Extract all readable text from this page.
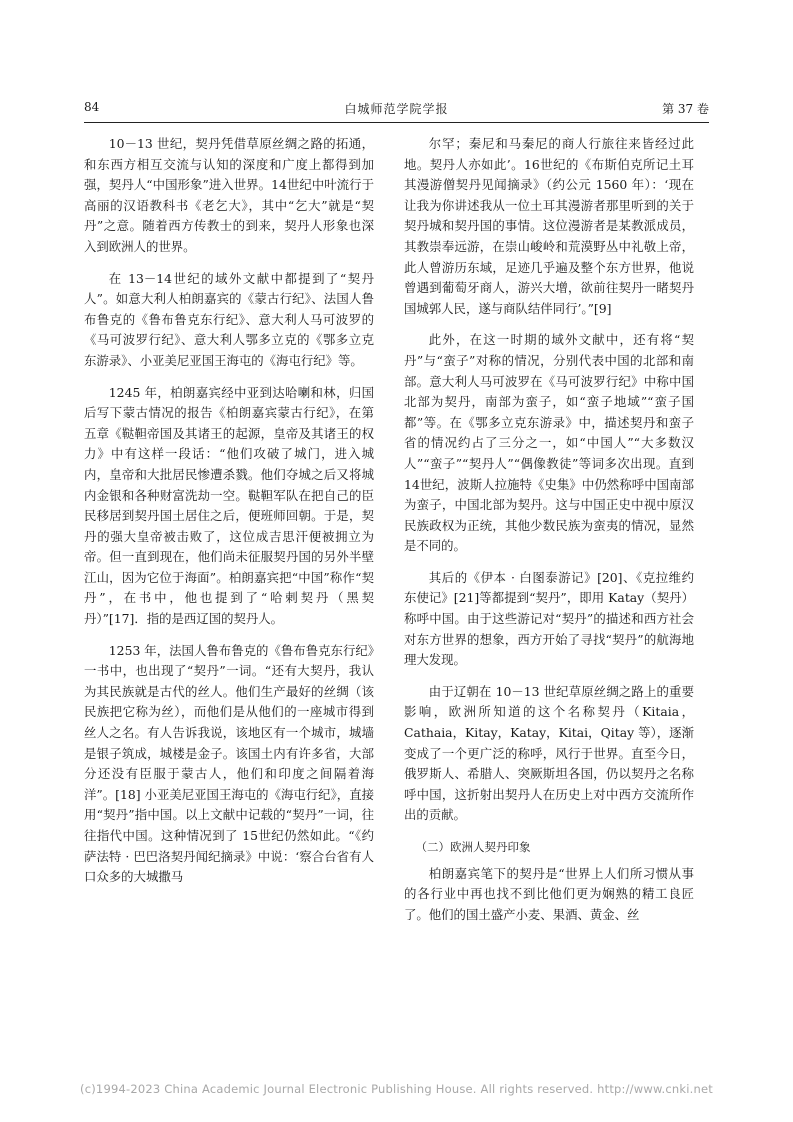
84	白城师范学院学报	第 37 卷

10－13 世纪，契丹凭借草原丝绸之路的拓通，和东西方相互交流与认知的深度和广度上都得到加强，契丹人“中国形象”进入世界。14世纪中叶流行于高丽的汉语教科书《老乞大》，其中“乞大”就是“契丹”之意。随着西方传教士的到来，契丹人形象也深入到欧洲人的世界。

在 13－14世纪的域外文献中都提到了“契丹人”。如意大利人柏朗嘉宾的《蒙古行纪》、法国人鲁布鲁克的《鲁布鲁克东行纪》、意大利人马可波罗的《马可波罗行纪》、意大利人鄂多立克的《鄂多立克东游录》、小亚美尼亚国王海屯的《海屯行纪》等。

1245 年，柏朗嘉宾经中亚到达哈喇和林，归国后写下蒙古情况的报告《柏朗嘉宾蒙古行纪》，在第五章《鞑靼帝国及其诸王的起源，皇帝及其诸王的权力》中有这样一段话：“他们攻破了城门，进入城内，皇帝和大批居民惨遭杀戮。他们夺城之后又将城内金银和各种财富洗劫一空。鞑靼军队在把自己的臣民移居到契丹国土居住之后，便班师回朝。于是，契丹的强大皇帝被击败了，这位成吉思汗便被拥立为帝。但一直到现在，他们尚未征服契丹国的另外半壁江山，因为它位于海面”。柏朗嘉宾把“中国”称作“契丹”，在书中，他也提到了“哈剌契丹（黑契丹）”[17]．指的是西辽国的契丹人。

1253 年，法国人鲁布鲁克的《鲁布鲁克东行纪》一书中，也出现了“契丹”一词。“还有大契丹，我认为其民族就是古代的丝人。他们生产最好的丝绸（该民族把它称为丝），而他们是从他们的一座城市得到丝人之名。有人告诉我说，该地区有一个城市，城墙是银子筑成，城楼是金子。该国土内有许多省，大部分还没有臣服于蒙古人，他们和印度之间隔着海洋”。[18] 小亚美尼亚国王海屯的《海屯行纪》，直接用“契丹”指中国。以上文献中记载的“契丹”一词，往往指代中国。这种情况到了 15世纪仍然如此。“《约萨法特 · 巴巴洛契丹闻纪摘录》中说：‘察合台省有人口众多的大城撒马

尔罕；秦尼和马秦尼的商人行旅往来皆经过此地。契丹人亦如此’。16世纪的《布斯伯克所记土耳其漫游僧契丹见闻摘录》（约公元 1560 年）：‘现在让我为你讲述我从一位土耳其漫游者那里听到的关于契丹城和契丹国的事情。这位漫游者是某教派成员，其教崇奉远游，在崇山峻岭和荒漠野丛中礼敬上帝，此人曾游历东域，足迹几乎遍及整个东方世界，他说曾遇到葡萄牙商人，游兴大增，欲前往契丹一睹契丹国城郭人民，遂与商队结伴同行’。”[9]

此外，在这一时期的域外文献中，还有将“契丹”与“蛮子”对称的情况，分别代表中国的北部和南部。意大利人马可波罗在《马可波罗行纪》中称中国北部为契丹，南部为蛮子，如“蛮子地域”“蛮子国都”等。在《鄂多立克东游录》中，描述契丹和蛮子省的情况约占了三分之一，如“中国人”“大多数汉人”“蛮子”“契丹人”“偶像教徒”等词多次出现。直到 14世纪，波斯人拉施特《史集》中仍然称呼中国南部为蛮子，中国北部为契丹。这与中国正史中视中原汉民族政权为正统，其他少数民族为蛮夷的情况，显然是不同的。

其后的《伊本 · 白图泰游记》[20]、《克拉维约东使记》[21]等都提到“契丹”，即用 Katay（契丹）称呼中国。由于这些游记对“契丹”的描述和西方社会对东方世界的想象，西方开始了寻找“契丹”的航海地理大发现。

由于辽朝在 10－13 世纪草原丝绸之路上的重要影响，欧洲所知道的这个名称契丹（Kitaia，Cathaia，Kitay，Katay，Kitai，Qitay 等），逐渐变成了一个更广泛的称呼，风行于世界。直至今日，俄罗斯人、希腊人、突厥斯坦各国，仍以契丹之名称呼中国，这折射出契丹人在历史上对中西方交流所作出的贡献。

（二）欧洲人契丹印象

柏朗嘉宾笔下的契丹是“世界上人们所习惯从事的各行业中再也找不到比他们更为娴熟的精工良匠了。他们的国土盛产小麦、果酒、黄金、丝

(c)1994-2023 China Academic Journal Electronic Publishing House. All rights reserved. http://www.cnki.net
